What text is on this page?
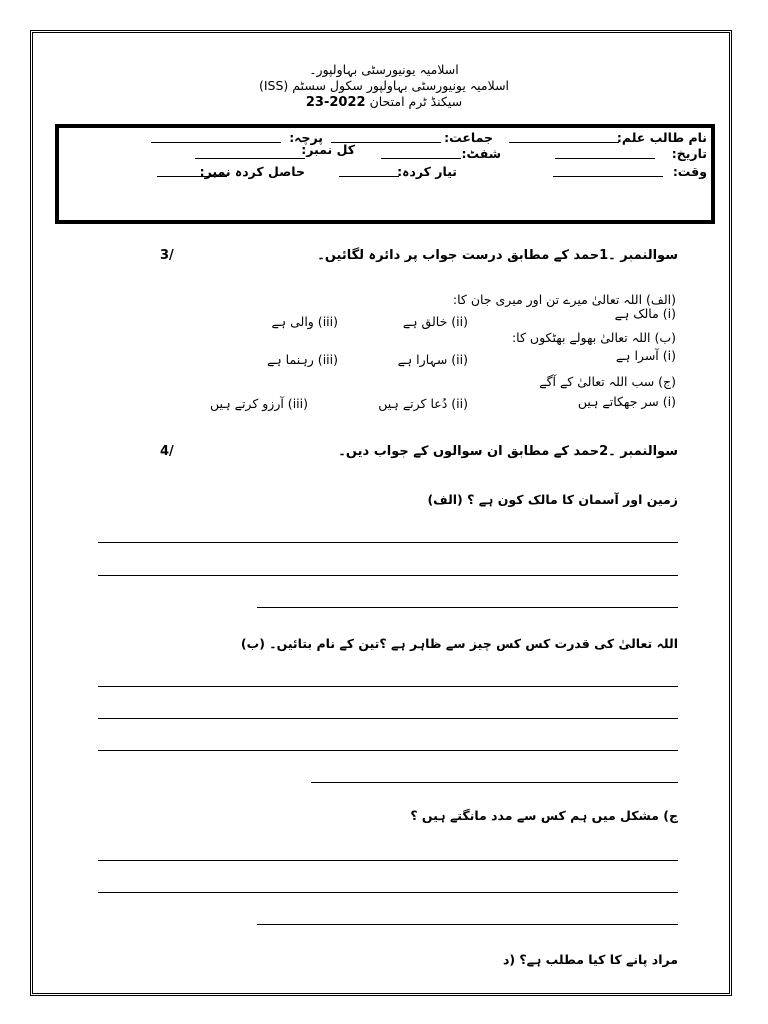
اسلامیہ یونیورسٹی بہاولپور۔
اسلامیہ یونیورسٹی بہاولپور سکول سسٹم (ISS)
سیکنڈ ٹرم امتحان 2022-23
نام طالب علم:
جماعت:
پرچہ:
تاریخ:
شفٹ:
کل نمبر:
وقت:
تیار کردہ:
حاصل کردہ نمبر:
سوالنمبر ۔1حمد کے مطابق درست جواب پر دائرہ لگائیں۔
3/
(الف) اللہ تعالیٰ میرے تن اور میری جان کا:
(i) مالک ہے
(ii) خالق ہے
(iii) والی ہے
(ب) اللہ تعالیٰ بھولے بھٹکوں کا:
(i) آسرا ہے
(ii) سہارا ہے
(iii) رہنما ہے
(ج) سب اللہ تعالیٰ کے آگے
(i) سر جھکاتے ہیں
(ii) دُعا کرتے ہیں
(iii) آرزو کرتے ہیں
سوالنمبر ۔2حمد کے مطابق ان سوالوں کے جواب دیں۔
4/
زمین اور آسمان کا مالک کون ہے ؟ (الف)
اللہ تعالیٰ کی قدرت کس کس چیز سے ظاہر ہے ؟تین کے نام بتائیں۔ (ب)
ج) مشکل میں ہم کس سے مدد مانگتے ہیں ؟
مراد پانے کا کیا مطلب ہے؟ (د
